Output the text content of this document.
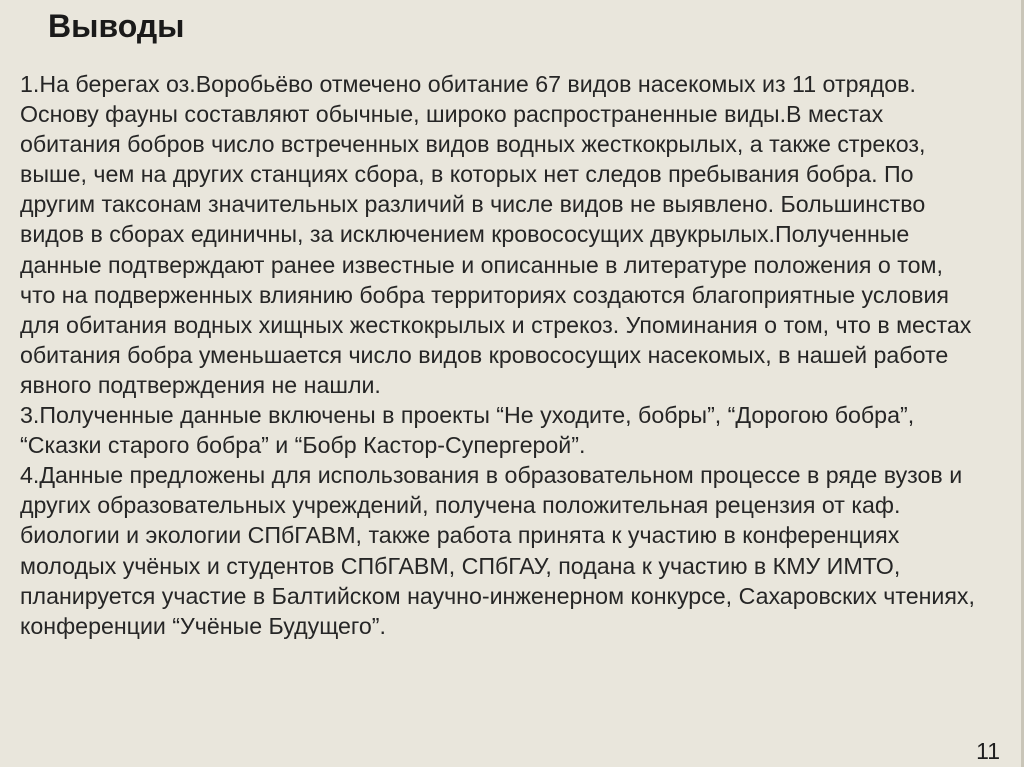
Выводы

1.На берегах оз.Воробьёво отмечено обитание 67 видов насекомых из 11 отрядов. Основу фауны составляют обычные, широко распространенные виды.В местах обитания бобров число встреченных видов водных жесткокрылых, а также стрекоз, выше, чем на других станциях сбора, в которых нет следов пребывания бобра. По другим таксонам значительных различий в числе видов не выявлено. Большинство видов в сборах единичны, за исключением кровососущих двукрылых.Полученные данные подтверждают ранее известные и описанные в литературе положения о том, что на подверженных влиянию бобра территориях создаются благоприятные условия для обитания водных хищных жесткокрылых и стрекоз. Упоминания о том, что в местах обитания бобра уменьшается число видов кровососущих насекомых, в нашей работе явного подтверждения не нашли.

3.Полученные данные включены в проекты “Не уходите, бобры”, “Дорогою бобра”, “Сказки старого бобра” и “Бобр Кастор-Супергерой”.

4.Данные предложены для использования в образовательном процессе в ряде вузов и других образовательных учреждений, получена положительная рецензия от каф. биологии и экологии СПбГАВМ, также работа принята к участию в конференциях молодых учёных и студентов СПбГАВМ, СПбГАУ, подана к участию в КМУ ИМТО, планируется участие в Балтийском научно-инженерном конкурсе, Сахаровских чтениях, конференции “Учёные Будущего”.

11
